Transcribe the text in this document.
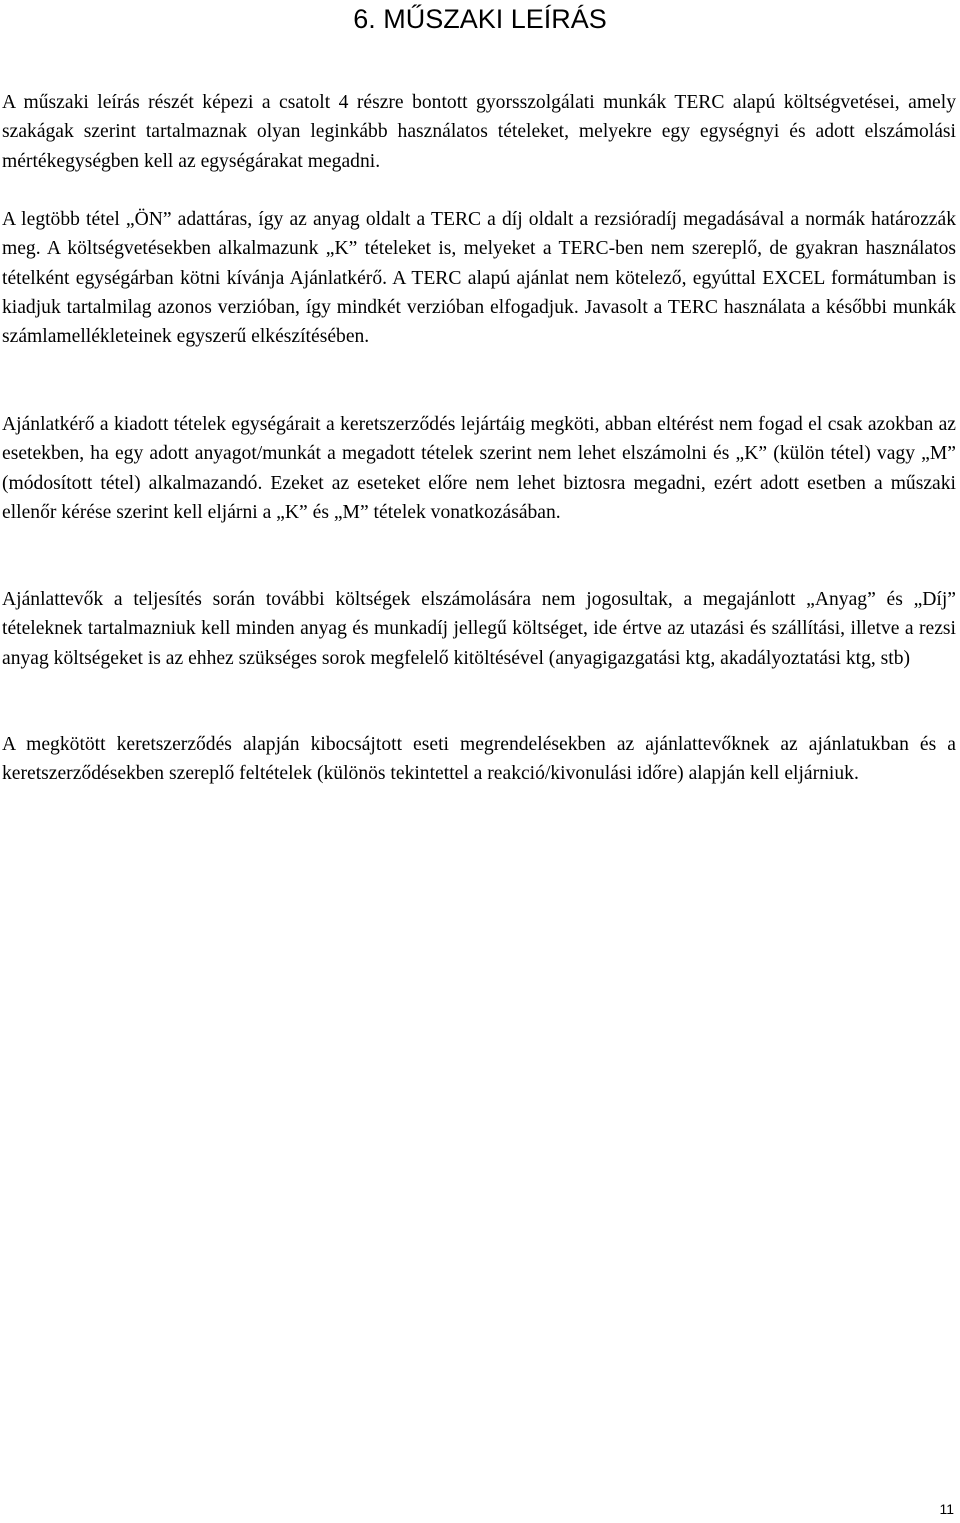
6. MŰSZAKI LEÍRÁS

A műszaki leírás részét képezi a csatolt 4 részre bontott gyorsszolgálati munkák TERC alapú költségvetései, amely szakágak szerint tartalmaznak olyan leginkább használatos tételeket, melyekre egy egységnyi és adott elszámolási mértékegységben kell az egységárakat megadni.

A legtöbb tétel „ÖN” adattáras, így az anyag oldalt a TERC a díj oldalt a rezsióradíj megadásával a normák határozzák meg. A költségvetésekben alkalmazunk „K” tételeket is, melyeket a TERC-ben nem szereplő, de gyakran használatos tételként egységárban kötni kívánja Ajánlatkérő. A TERC alapú ajánlat nem kötelező, egyúttal EXCEL formátumban is kiadjuk tartalmilag azonos verzióban, így mindkét verzióban elfogadjuk. Javasolt a TERC használata a későbbi munkák számlamellékleteinek egyszerű elkészítésében.

Ajánlatkérő a kiadott tételek egységárait a keretszerződés lejártáig megköti, abban eltérést nem fogad el csak azokban az esetekben, ha egy adott anyagot/munkát a megadott tételek szerint nem lehet elszámolni és „K” (külön tétel) vagy „M” (módosított tétel) alkalmazandó. Ezeket az eseteket előre nem lehet biztosra megadni, ezért adott esetben a műszaki ellenőr kérése szerint kell eljárni a „K” és „M” tételek vonatkozásában.

Ajánlattevők a teljesítés során további költségek elszámolására nem jogosultak, a megajánlott „Anyag” és „Díj” tételeknek tartalmazniuk kell minden anyag és munkadíj jellegű költséget, ide értve az utazási és szállítási, illetve a rezsi anyag költségeket is az ehhez szükséges sorok megfelelő kitöltésével (anyagigazgatási ktg, akadályoztatási ktg, stb)

A megkötött keretszerződés alapján kibocsájtott eseti megrendelésekben az ajánlattevőknek az ajánlatukban és a keretszerződésekben szereplő feltételek (különös tekintettel a reakció/kivonulási időre) alapján kell eljárniuk.

11
